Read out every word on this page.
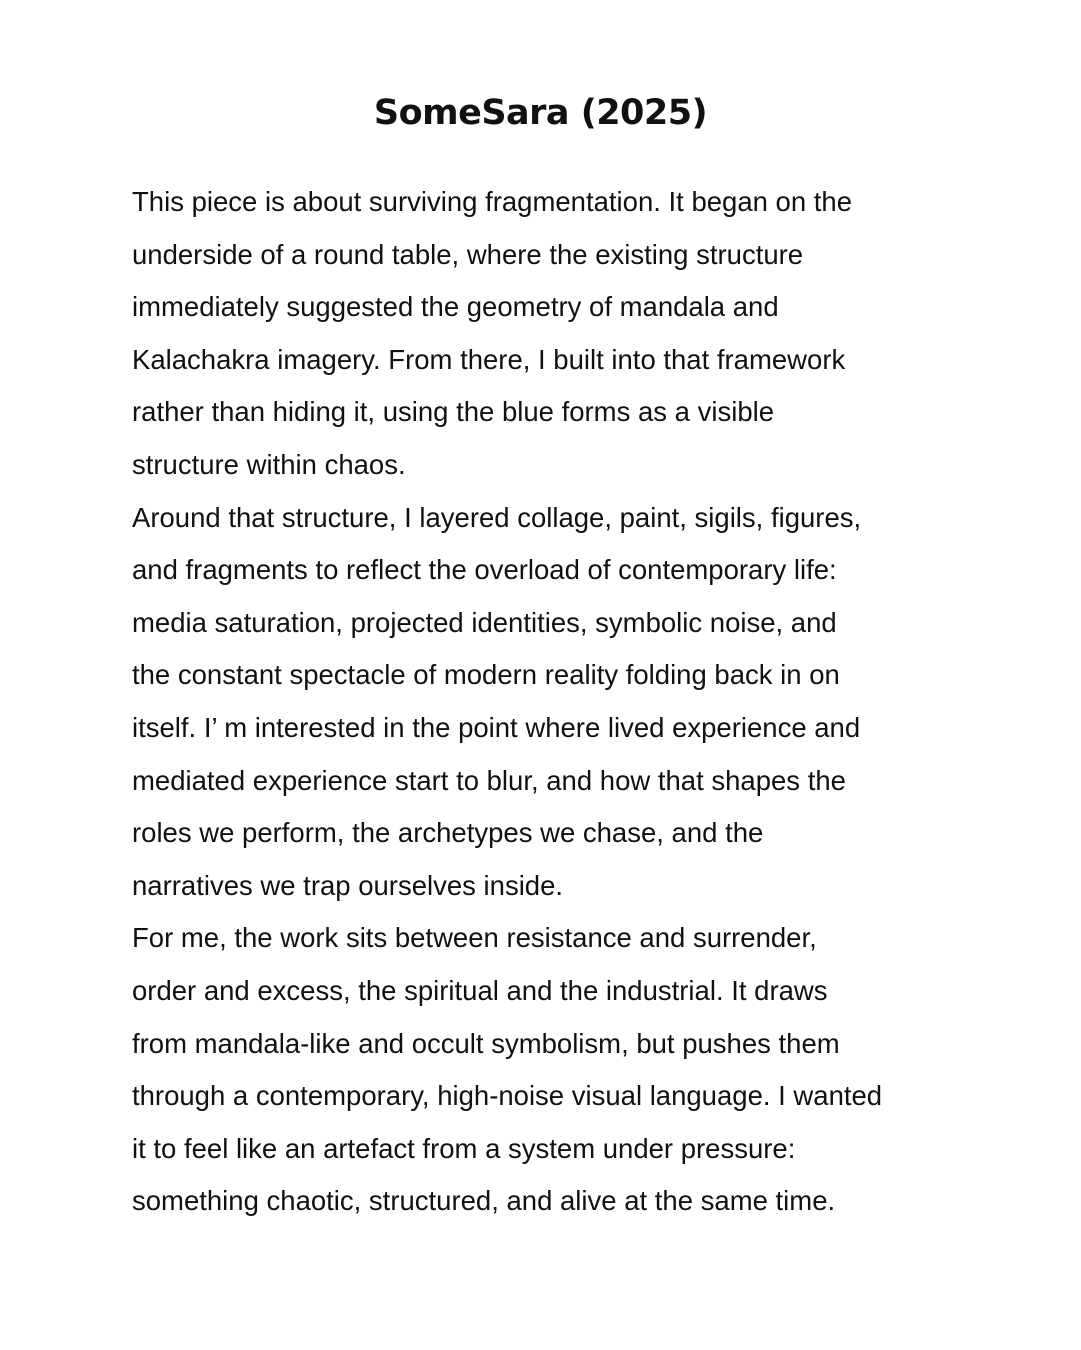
SomeSara (2025)

This piece is about surviving fragmentation. It began on the
underside of a round table, where the existing structure
immediately suggested the geometry of mandala and
Kalachakra imagery. From there, I built into that framework
rather than hiding it, using the blue forms as a visible
structure within chaos.

Around that structure, I layered collage, paint, sigils, figures,
and fragments to reflect the overload of contemporary life:
media saturation, projected identities, symbolic noise, and
the constant spectacle of modern reality folding back in on
itself. I’ m interested in the point where lived experience and
mediated experience start to blur, and how that shapes the
roles we perform, the archetypes we chase, and the
narratives we trap ourselves inside.

For me, the work sits between resistance and surrender,
order and excess, the spiritual and the industrial. It draws
from mandala-like and occult symbolism, but pushes them
through a contemporary, high-noise visual language. I wanted
it to feel like an artefact from a system under pressure:
something chaotic, structured, and alive at the same time.
